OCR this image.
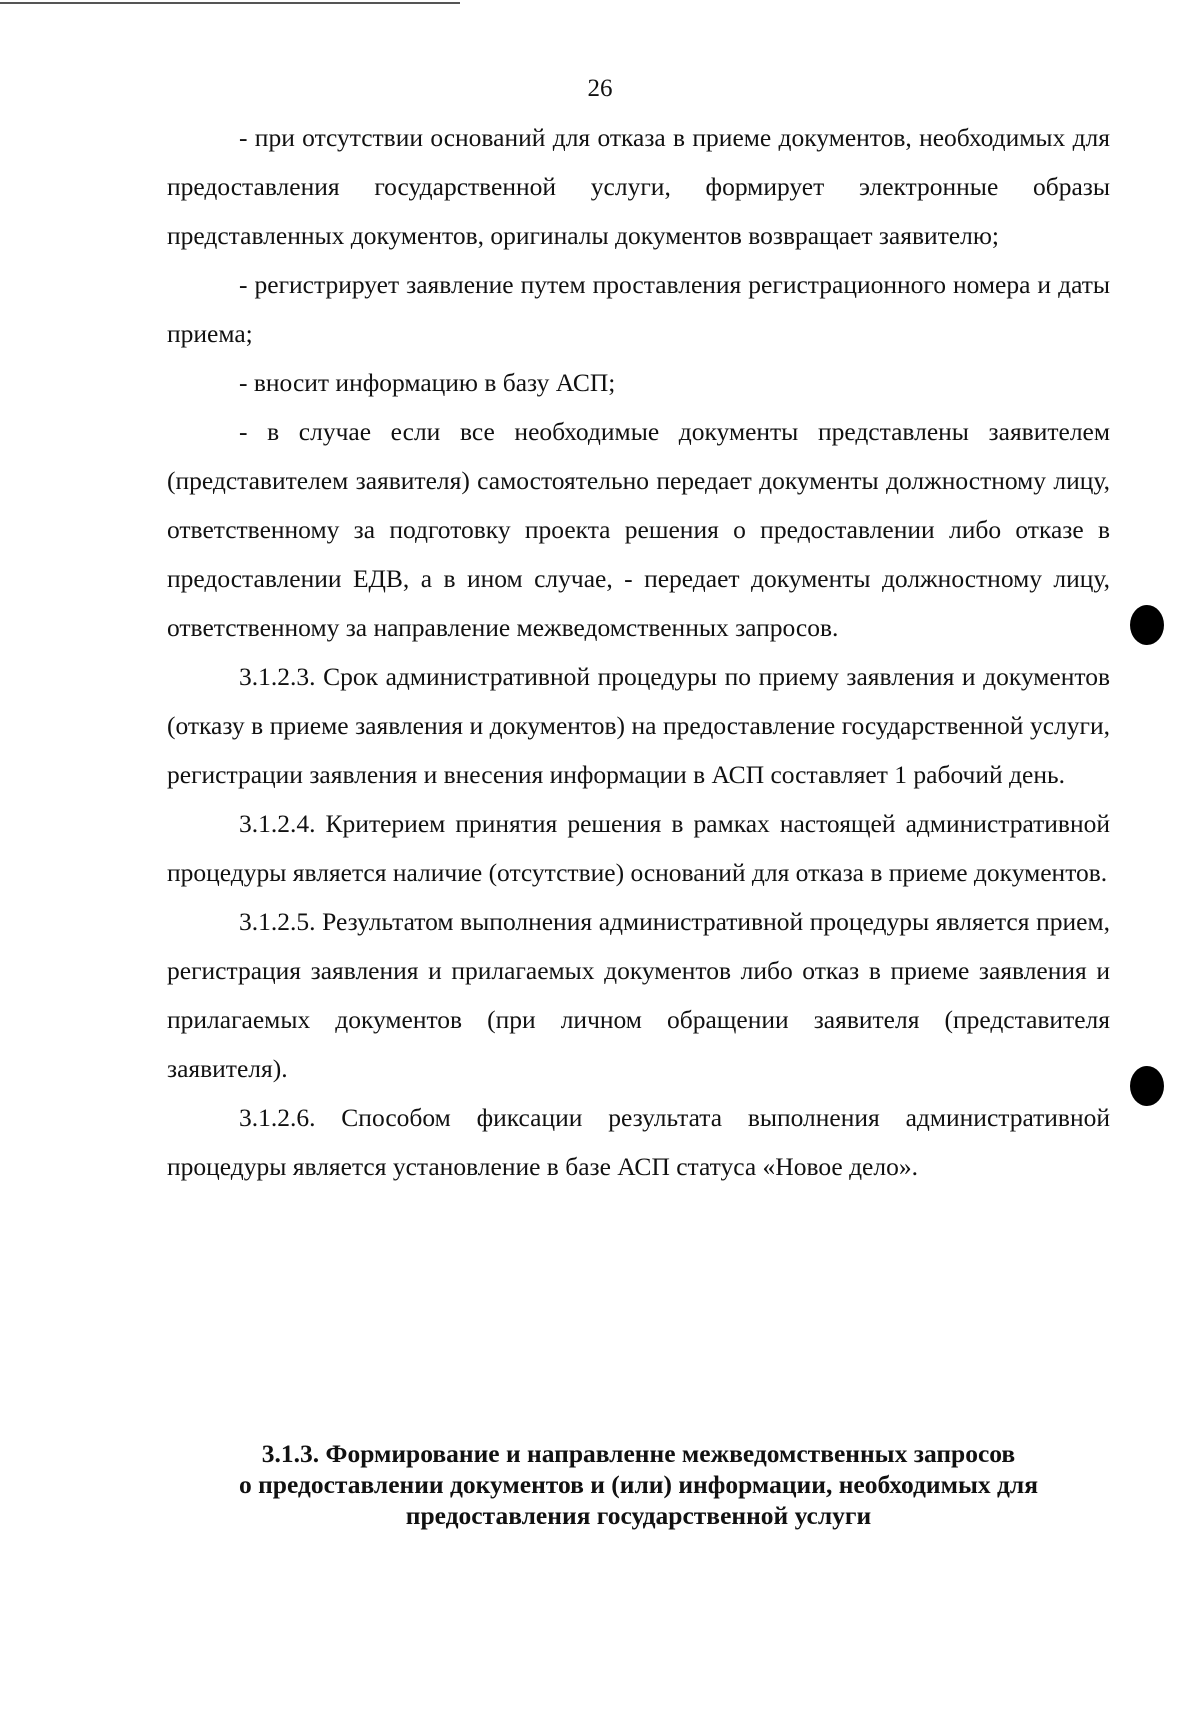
26

- при отсутствии оснований для отказа в приеме документов, необходимых для предоставления государственной услуги, формирует электронные образы представленных документов, оригиналы документов возвращает заявителю;

- регистрирует заявление путем проставления регистрационного номера и даты приема;

- вносит информацию в базу АСП;

- в случае если все необходимые документы представлены заявителем (представителем заявителя) самостоятельно передает документы должностному лицу, ответственному за подготовку проекта решения о предоставлении либо отказе в предоставлении ЕДВ, а в ином случае, - передает документы должностному лицу, ответственному за направление межведомственных запросов.

3.1.2.3. Срок административной процедуры по приему заявления и документов (отказу в приеме заявления и документов) на предоставление государственной услуги, регистрации заявления и внесения информации в АСП составляет 1 рабочий день.

3.1.2.4. Критерием принятия решения в рамках настоящей административной процедуры является наличие (отсутствие) оснований для отказа в приеме документов.

3.1.2.5. Результатом выполнения административной процедуры является прием, регистрация заявления и прилагаемых документов либо отказ в приеме заявления и прилагаемых документов (при личном обращении заявителя (представителя заявителя).

3.1.2.6. Способом фиксации результата выполнения административной процедуры является установление в базе АСП статуса «Новое дело».

3.1.3. Формирование и направленне межведомственных запросов
о предоставлении документов и (или) информации, необходимых для
предоставления государственной услуги
